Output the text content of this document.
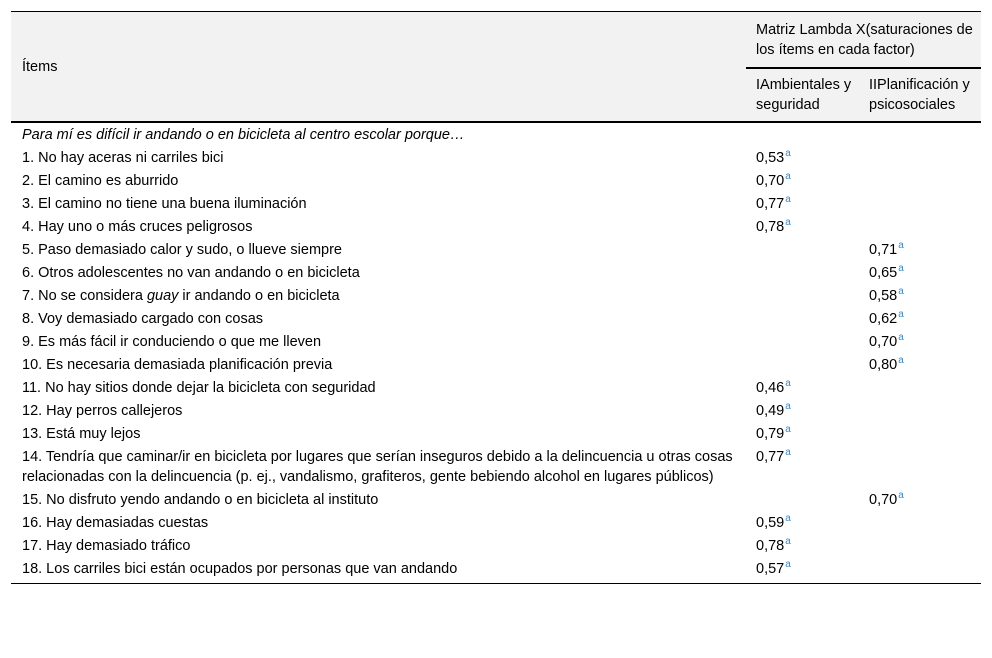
Ítems	Matriz Lambda X(saturaciones de los ítems en cada factor)	
	IAmbientales y seguridad	IIPlanificación y psicosociales
Para mí es difícil ir andando o en bicicleta al centro escolar porque…		
1. No hay aceras ni carriles bici	0,53$^a$	
2. El camino es aburrido	0,70$^a$	
3. El camino no tiene una buena iluminación	0,77$^a$	
4. Hay uno o más cruces peligrosos	0,78$^a$	
5. Paso demasiado calor y sudo, o llueve siempre		0,71$^a$
6. Otros adolescentes no van andando o en bicicleta		0,65$^a$
7. No se considera guay ir andando o en bicicleta		0,58$^a$
8. Voy demasiado cargado con cosas		0,62$^a$
9. Es más fácil ir conduciendo o que me lleven		0,70$^a$
10. Es necesaria demasiada planificación previa		0,80$^a$
11. No hay sitios donde dejar la bicicleta con seguridad	0,46$^a$	
12. Hay perros callejeros	0,49$^a$	
13. Está muy lejos	0,79$^a$	
14. Tendría que caminar/ir en bicicleta por lugares que serían inseguros debido a la delincuencia u otras cosas relacionadas con la delincuencia (p. ej., vandalismo, grafiteros, gente bebiendo alcohol en lugares públicos)	0,77$^a$	
15. No disfruto yendo andando o en bicicleta al instituto		0,70$^a$
16. Hay demasiadas cuestas	0,59$^a$	
17. Hay demasiado tráfico	0,78$^a$	
18. Los carriles bici están ocupados por personas que van andando	0,57$^a$	
